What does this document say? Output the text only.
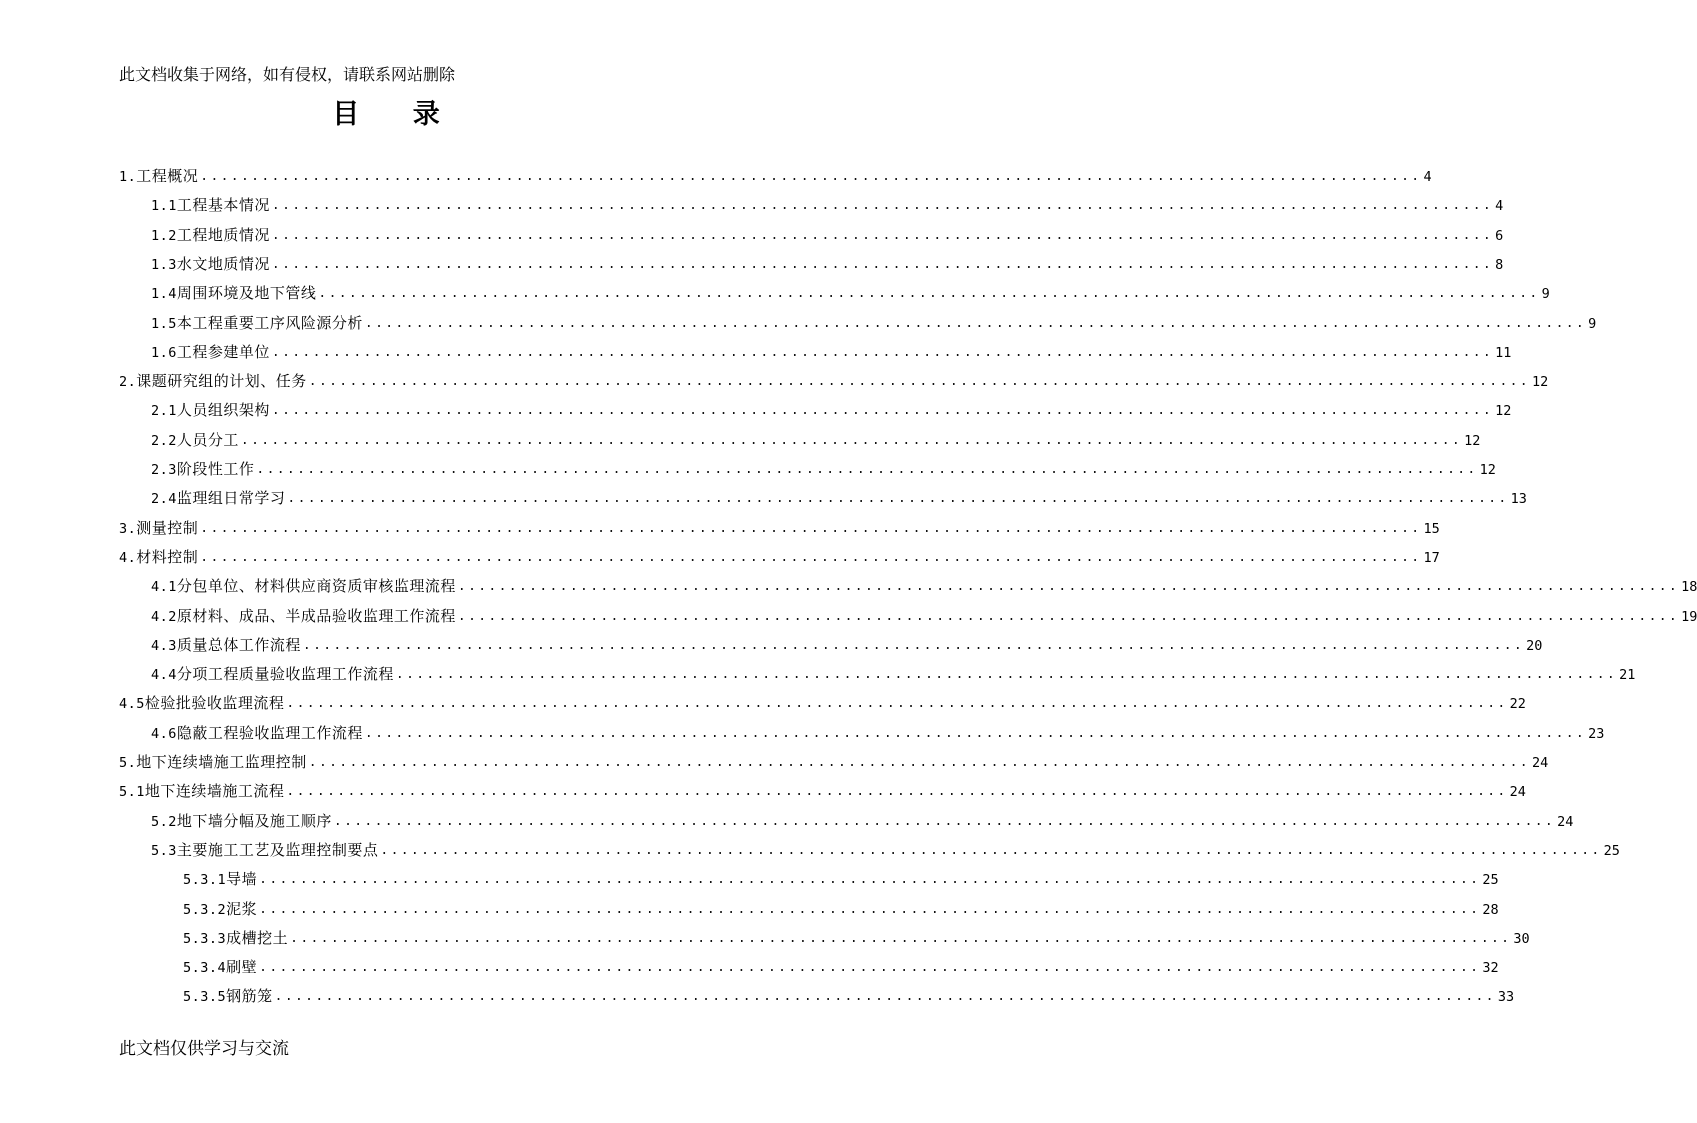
此文档收集于网络，如有侵权，请联系网站删除
目 录
1.工程概况 ........................................................................................................................ 4
1.1工程基本情况 ........................................................................................................................ 4
1.2工程地质情况 ........................................................................................................................ 6
1.3水文地质情况 ........................................................................................................................ 8
1.4周围环境及地下管线 ........................................................................................................................ 9
1.5本工程重要工序风险源分析 ........................................................................................................................ 9
1.6工程参建单位 ........................................................................................................................ 11
2.课题研究组的计划、任务 ........................................................................................................................ 12
2.1人员组织架构 ........................................................................................................................ 12
2.2人员分工 ........................................................................................................................ 12
2.3阶段性工作 ........................................................................................................................ 12
2.4监理组日常学习 ........................................................................................................................ 13
3.测量控制 ........................................................................................................................ 15
4.材料控制 ........................................................................................................................ 17
4.1分包单位、材料供应商资质审核监理流程 ........................................................................................................................ 18
4.2原材料、成品、半成品验收监理工作流程 ........................................................................................................................ 19
4.3质量总体工作流程 ........................................................................................................................ 20
4.4分项工程质量验收监理工作流程 ........................................................................................................................ 21
4.5检验批验收监理流程 ........................................................................................................................ 22
4.6隐蔽工程验收监理工作流程 ........................................................................................................................ 23
5.地下连续墙施工监理控制 ........................................................................................................................ 24
5.1地下连续墙施工流程 ........................................................................................................................ 24
5.2地下墙分幅及施工顺序 ........................................................................................................................ 24
5.3主要施工工艺及监理控制要点 ........................................................................................................................ 25
5.3.1导墙 ........................................................................................................................ 25
5.3.2泥浆 ........................................................................................................................ 28
5.3.3成槽挖土 ........................................................................................................................ 30
5.3.4刷壁 ........................................................................................................................ 32
5.3.5钢筋笼 ........................................................................................................................ 33
此文档仅供学习与交流
